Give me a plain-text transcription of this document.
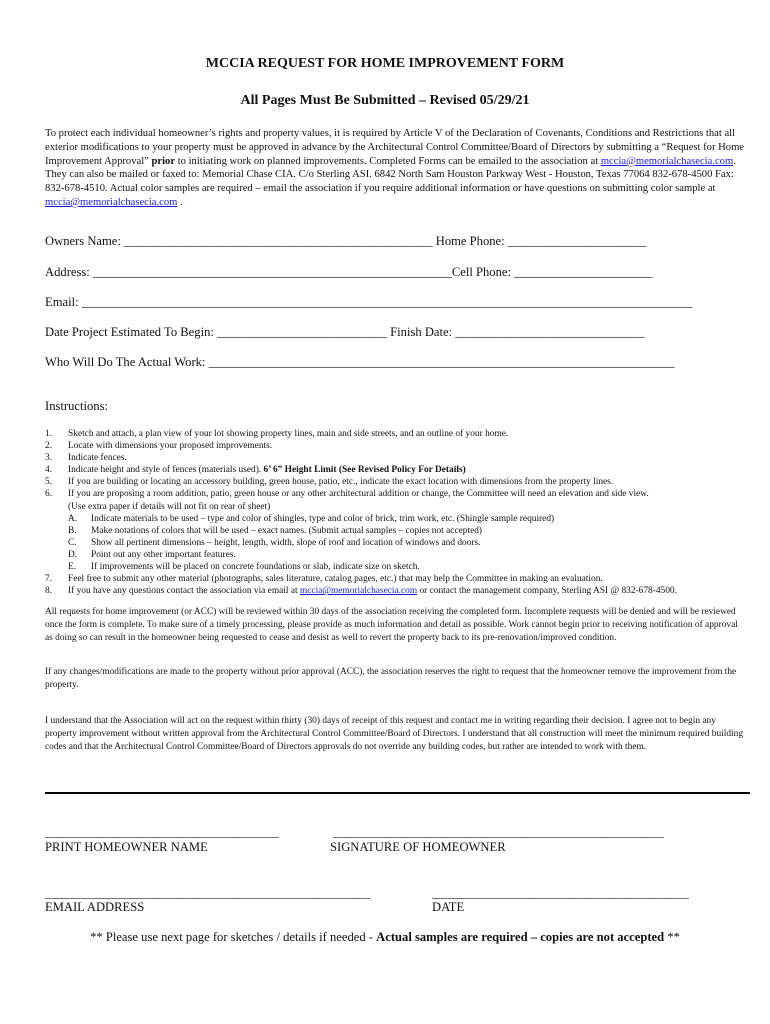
MCCIA REQUEST FOR HOME IMPROVEMENT FORM
All Pages Must Be Submitted – Revised 05/29/21
To protect each individual homeowner’s rights and property values, it is required by Article V of the Declaration of Covenants, Conditions and Restrictions that all exterior modifications to your property must be approved in advance by the Architectural Control Committee/Board of Directors by submitting a “Request for Home Improvement Approval” prior to initiating work on planned improvements. Completed Forms can be emailed to the association at mccia@memorialchasecia.com. They can also be mailed or faxed to: Memorial Chase CIA. C/o Sterling ASI. 6842 North Sam Houston Parkway West - Houston, Texas 77064 832-678-4500 Fax: 832-678-4510. Actual color samples are required – email the association if you require additional information or have questions on submitting color sample at mccia@memorialchasecia.com .
Owners Name: _________________________________________________ Home Phone: ______________________
Address: _________________________________________________________Cell Phone: ______________________
Email: _________________________________________________________________________________________________
Date Project Estimated To Begin: ___________________________ Finish Date: ______________________________
Who Will Do The Actual Work: __________________________________________________________________________
Instructions:
1. Sketch and attach, a plan view of your lot showing property lines, main and side streets, and an outline of your home.
2. Locate with dimensions your proposed improvements.
3. Indicate fences.
4. Indicate height and style of fences (materials used). 6’ 6” Height Limit (See Revised Policy For Details)
5. If you are building or locating an accessory building, green house, patio, etc., indicate the exact location with dimensions from the property lines.
6. If you are proposing a room addition, patio, green house or any other architectural addition or change, the Committee will need an elevation and side view.
(Use extra paper if details will not fit on rear of sheet)
A. Indicate materials to be used – type and color of shingles, type and color of brick, trim work, etc. (Shingle sample required)
B. Make notations of colors that will be used – exact names. (Submit actual samples – copies not accepted)
C. Show all pertinent dimensions – height, length, width, slope of roof and location of windows and doors.
D. Point out any other important features.
E. If improvements will be placed on concrete foundations or slab, indicate size on sketch.
7. Feel free to submit any other material (photographs, sales literature, catalog pages, etc.) that may help the Committee in making an evaluation.
8. If you have any questions contact the association via email at mccia@memorialchasecia.com or contact the management company, Sterling ASI @ 832-678-4500.
All requests for home improvement (or ACC) will be reviewed within 30 days of the association receiving the completed form. Incomplete requests will be denied and will be reviewed once the form is complete. To make sure of a timely processing, please provide as much information and detail as possible. Work cannot begin prior to receiving notification of approval as doing so can result in the homeowner being requested to cease and desist as well to revert the property back to its pre-renovation/improved condition.
If any changes/modifications are made to the property without prior approval (ACC), the association reserves the right to request that the homeowner remove the improvement from the property.
I understand that the Association will act on the request within thirty (30) days of receipt of this request and contact me in writing regarding their decision. I agree not to begin any property improvement without written approval from the Architectural Control Committee/Board of Directors. I understand that all construction will meet the minimum required building codes and that the Architectural Control Committee/Board of Directors approvals do not override any building codes, but rather are intended to work with them.
_________________________________________	__________________________________________________________
PRINT HOMEOWNER NAME	SIGNATURE OF HOMEOWNER
_________________________________________________________	_____________________________________________
EMAIL ADDRESS	DATE
** Please use next page for sketches / details if needed - Actual samples are required – copies are not accepted **
